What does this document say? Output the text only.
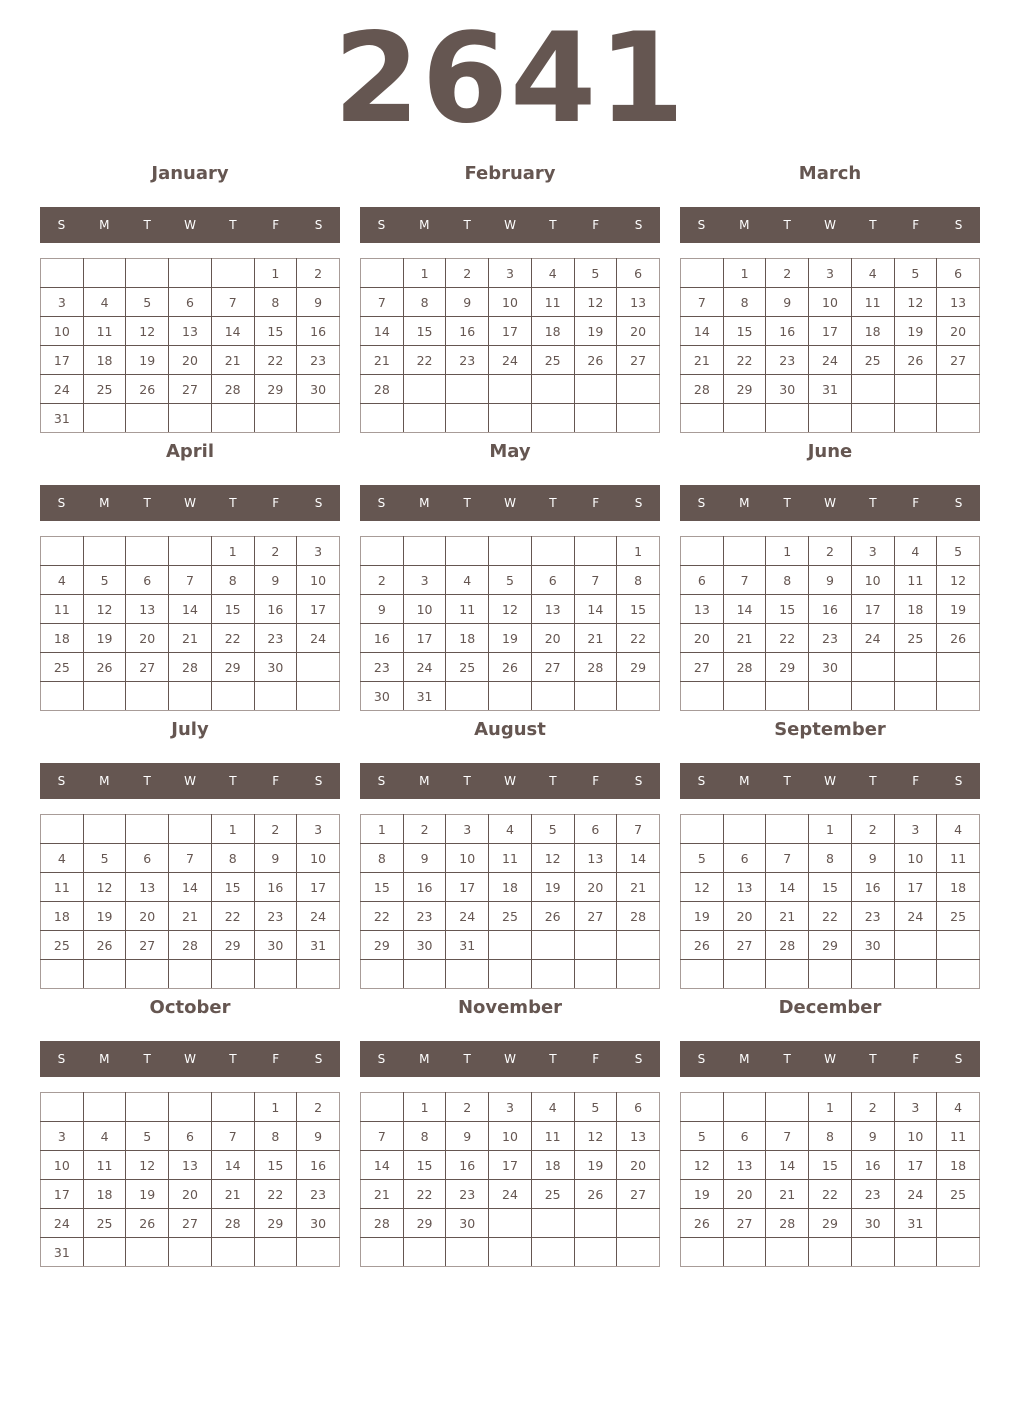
2641
January
S	M	T	W	T	F	S
					1	2
3	4	5	6	7	8	9
10	11	12	13	14	15	16
17	18	19	20	21	22	23
24	25	26	27	28	29	30
31						
February
S	M	T	W	T	F	S
	1	2	3	4	5	6
7	8	9	10	11	12	13
14	15	16	17	18	19	20
21	22	23	24	25	26	27
28						

March
S	M	T	W	T	F	S
	1	2	3	4	5	6
7	8	9	10	11	12	13
14	15	16	17	18	19	20
21	22	23	24	25	26	27
28	29	30	31			

April
S	M	T	W	T	F	S
				1	2	3
4	5	6	7	8	9	10
11	12	13	14	15	16	17
18	19	20	21	22	23	24
25	26	27	28	29	30	

May
S	M	T	W	T	F	S
						1
2	3	4	5	6	7	8
9	10	11	12	13	14	15
16	17	18	19	20	21	22
23	24	25	26	27	28	29
30	31					
June
S	M	T	W	T	F	S
		1	2	3	4	5
6	7	8	9	10	11	12
13	14	15	16	17	18	19
20	21	22	23	24	25	26
27	28	29	30			

July
S	M	T	W	T	F	S
				1	2	3
4	5	6	7	8	9	10
11	12	13	14	15	16	17
18	19	20	21	22	23	24
25	26	27	28	29	30	31

August
S	M	T	W	T	F	S
1	2	3	4	5	6	7
8	9	10	11	12	13	14
15	16	17	18	19	20	21
22	23	24	25	26	27	28
29	30	31				

September
S	M	T	W	T	F	S
			1	2	3	4
5	6	7	8	9	10	11
12	13	14	15	16	17	18
19	20	21	22	23	24	25
26	27	28	29	30		

October
S	M	T	W	T	F	S
					1	2
3	4	5	6	7	8	9
10	11	12	13	14	15	16
17	18	19	20	21	22	23
24	25	26	27	28	29	30
31						
November
S	M	T	W	T	F	S
	1	2	3	4	5	6
7	8	9	10	11	12	13
14	15	16	17	18	19	20
21	22	23	24	25	26	27
28	29	30				

December
S	M	T	W	T	F	S
			1	2	3	4
5	6	7	8	9	10	11
12	13	14	15	16	17	18
19	20	21	22	23	24	25
26	27	28	29	30	31	
